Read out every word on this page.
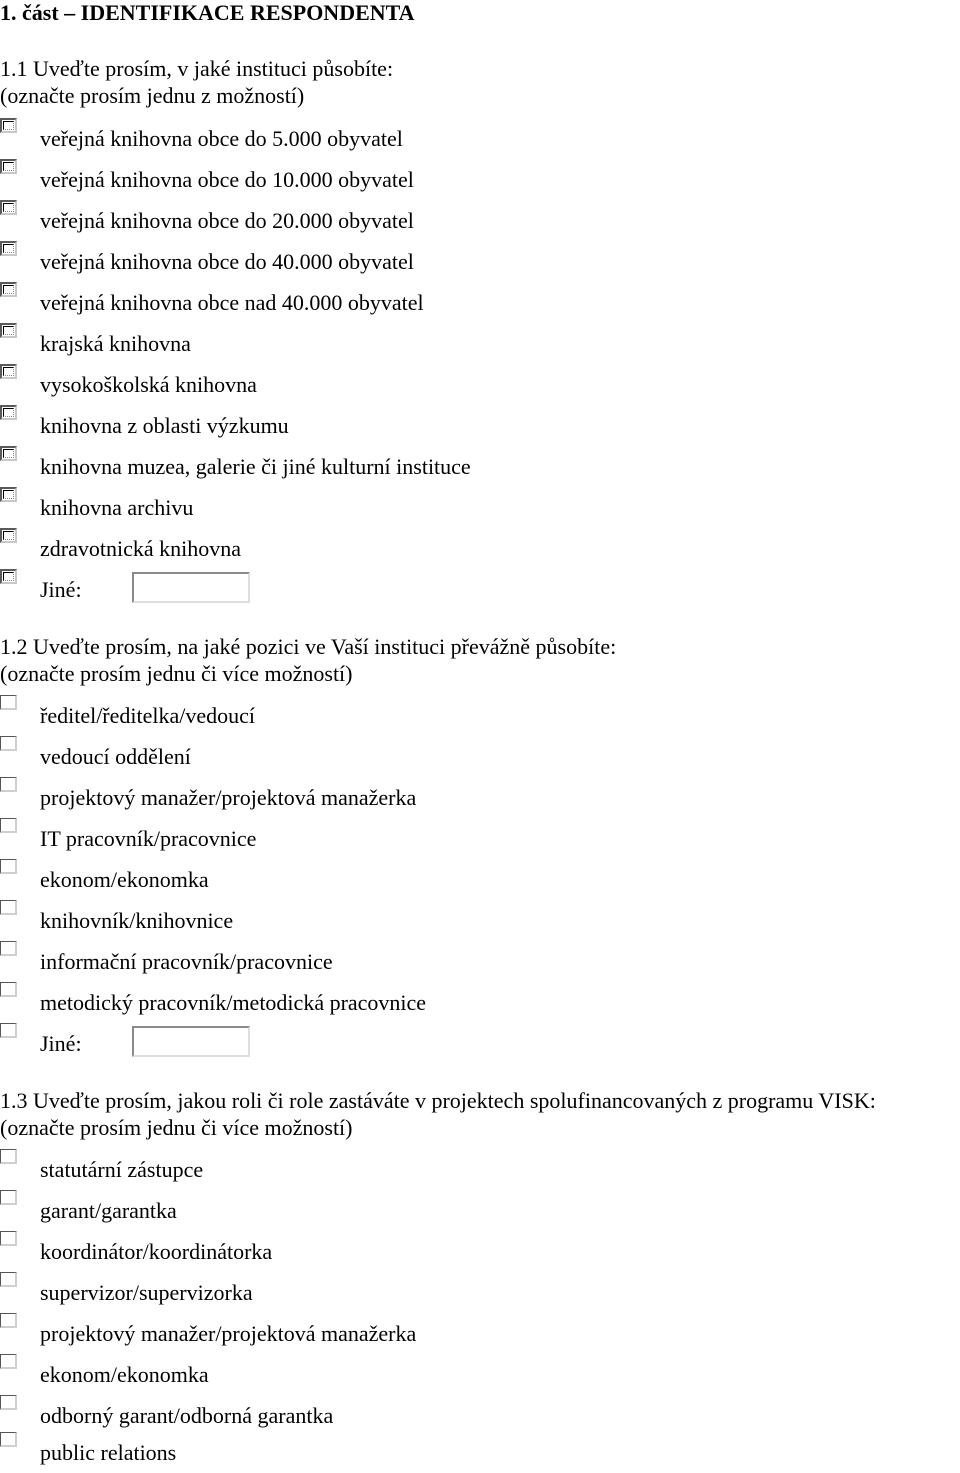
1. část – IDENTIFIKACE RESPONDENTA
1.1 Uveďte prosím, v jaké instituci působíte:
(označte prosím jednu z možností)
veřejná knihovna obce do 5.000 obyvatel
veřejná knihovna obce do 10.000 obyvatel
veřejná knihovna obce do 20.000 obyvatel
veřejná knihovna obce do 40.000 obyvatel
veřejná knihovna obce nad 40.000 obyvatel
krajská knihovna
vysokoškolská knihovna
knihovna z oblasti výzkumu
knihovna muzea, galerie či jiné kulturní instituce
knihovna archivu
zdravotnická knihovna
Jiné:
1.2 Uveďte prosím, na jaké pozici ve Vaší instituci převážně působíte:
(označte prosím jednu či více možností)
ředitel/ředitelka/vedoucí
vedoucí oddělení
projektový manažer/projektová manažerka
IT pracovník/pracovnice
ekonom/ekonomka
knihovník/knihovnice
informační pracovník/pracovnice
metodický pracovník/metodická pracovnice
Jiné:
1.3 Uveďte prosím, jakou roli či role zastáváte v projektech spolufinancovaných z programu VISK:
(označte prosím jednu či více možností)
statutární zástupce
garant/garantka
koordinátor/koordinátorka
supervizor/supervizorka
projektový manažer/projektová manažerka
ekonom/ekonomka
odborný garant/odborná garantka
public relations
